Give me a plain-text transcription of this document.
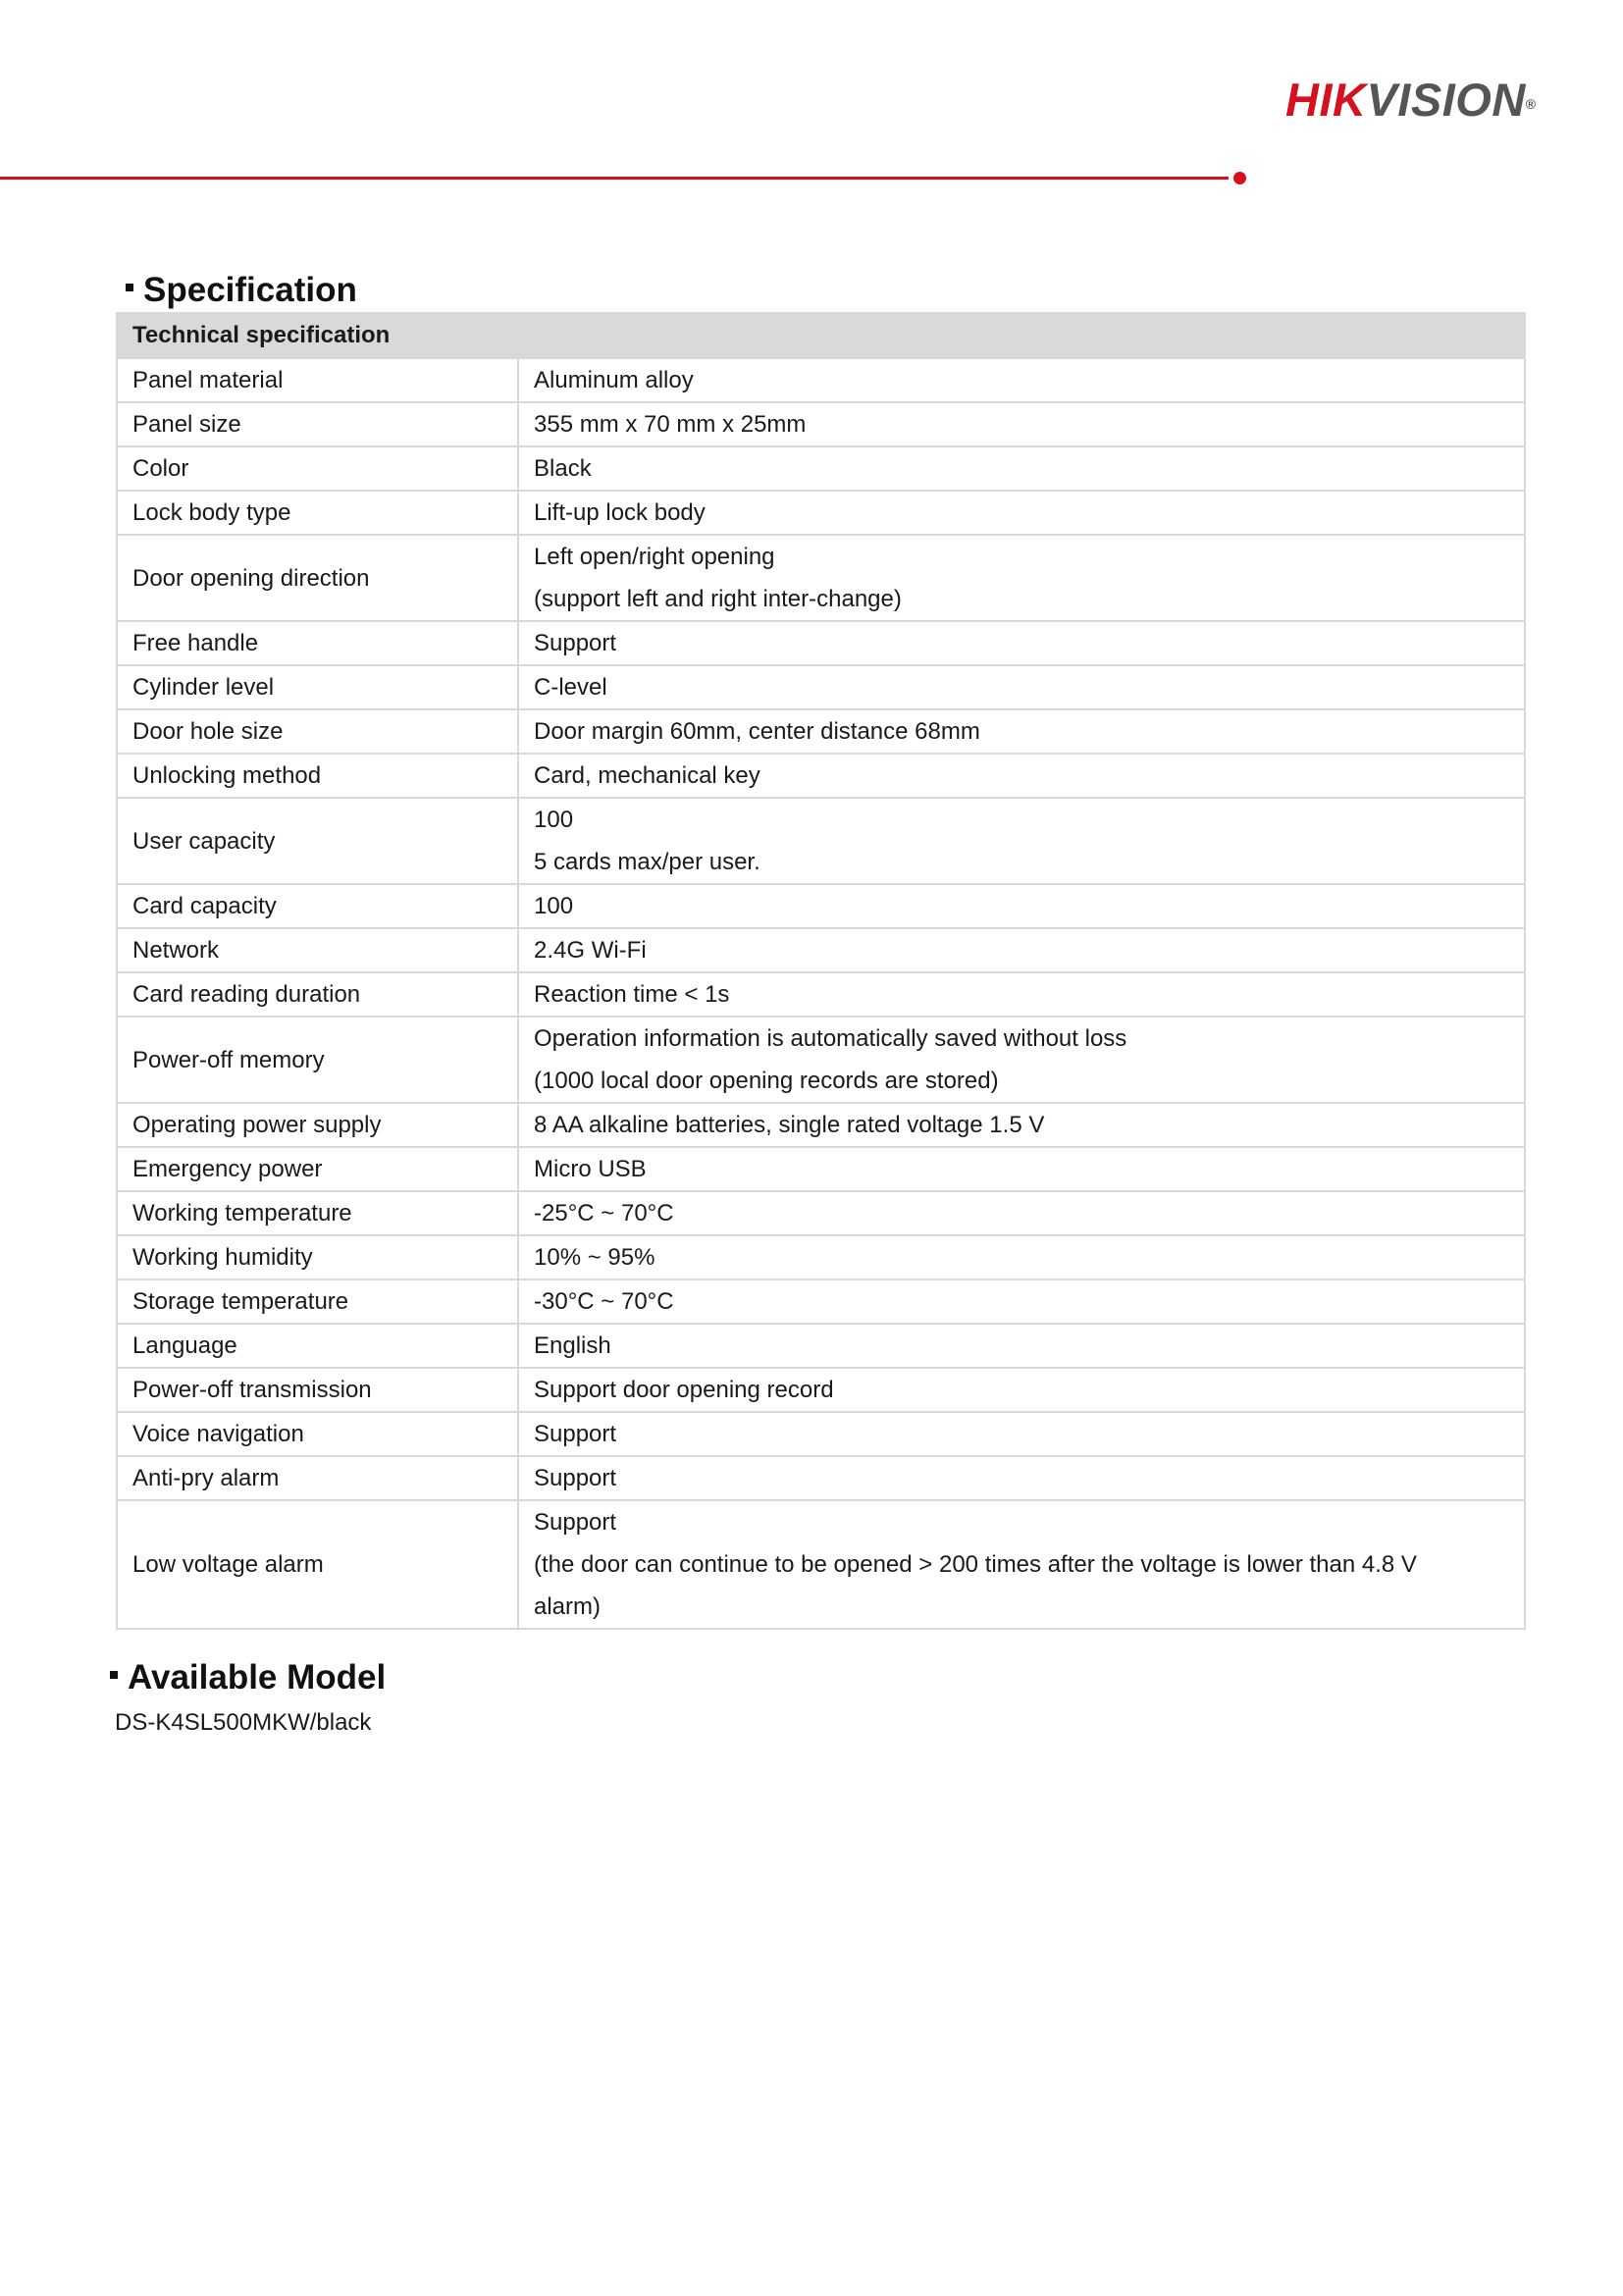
HIKVISION®
Specification
Technical specification	
Panel material	Aluminum alloy

Panel size	355 mm x 70 mm x 25mm

Color	Black

Lock body type	Lift-up lock body

Door opening direction	Left open/right opening
(support left and right inter-change)

Free handle	Support

Cylinder level	C-level

Door hole size	Door margin 60mm, center distance 68mm

Unlocking method	Card, mechanical key

User capacity	100
5 cards max/per user.

Card capacity	100

Network	2.4G Wi-Fi

Card reading duration	Reaction time < 1s

Power-off memory	Operation information is automatically saved without loss
(1000 local door opening records are stored)

Operating power supply	8 AA alkaline batteries, single rated voltage 1.5 V

Emergency power	Micro USB

Working temperature	-25°C ~ 70°C

Working humidity	10% ~ 95%

Storage temperature	-30°C ~ 70°C

Language	English

Power-off transmission	Support door opening record

Voice navigation	Support

Anti-pry alarm	Support

Low voltage alarm	Support
(the door can continue to be opened > 200 times after the voltage is lower than 4.8 V
alarm)
Available Model
DS-K4SL500MKW/black
